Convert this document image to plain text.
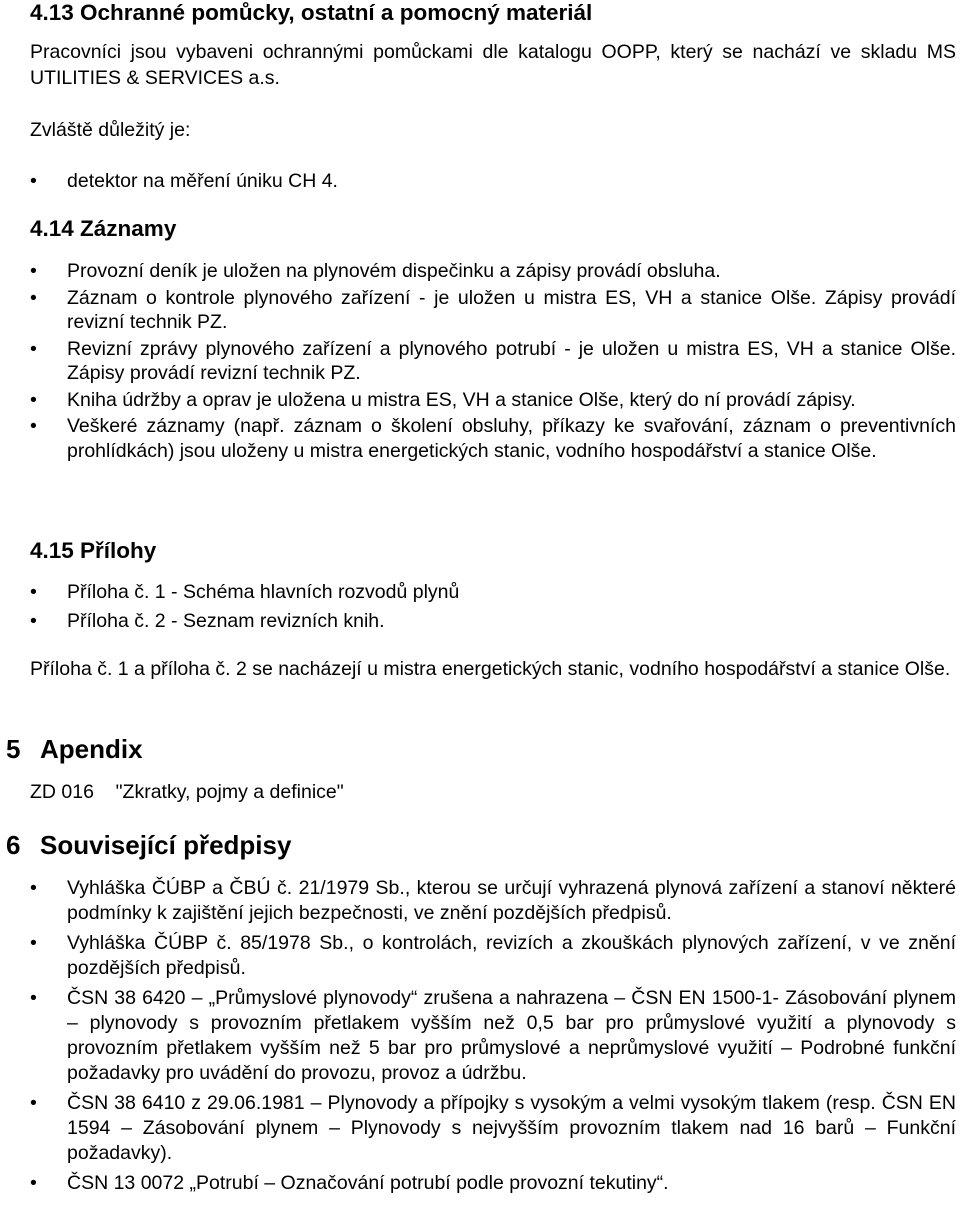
4.13 Ochranné pomůcky, ostatní a pomocný materiál

Pracovníci jsou vybaveni ochrannými pomůckami dle katalogu OOPP, který se nachází ve skladu MS UTILITIES & SERVICES a.s.

Zvláště důležitý je:

•	detektor na měření úniku CH 4.
4.14 Záznamy
•	Provozní deník je uložen na plynovém dispečinku a zápisy provádí obsluha.
•	Záznam o kontrole plynového zařízení - je uložen u mistra ES, VH a stanice Olše. Zápisy provádí revizní technik PZ.
•	Revizní zprávy plynového zařízení a plynového potrubí - je uložen u mistra ES, VH a stanice Olše. Zápisy provádí revizní technik PZ.
•	Kniha údržby a oprav je uložena u mistra ES, VH a stanice Olše, který do ní provádí zápisy.
•	Veškeré záznamy (např. záznam o školení obsluhy, příkazy ke svařování, záznam o preventivních prohlídkách) jsou uloženy u mistra energetických stanic, vodního hospodářství a stanice Olše.
4.15 Přílohy
•	Příloha č. 1 - Schéma hlavních rozvodů plynů
•	Příloha č. 2 - Seznam revizních knih.

Příloha č. 1 a příloha č. 2 se nacházejí u mistra energetických stanic, vodního hospodářství a stanice Olše.

5 Apendix

ZD 016    "Zkratky, pojmy a definice"

6 Související předpisy
•	Vyhláška ČÚBP a ČBÚ č. 21/1979 Sb., kterou se určují vyhrazená plynová zařízení a stanoví některé podmínky k zajištění jejich bezpečnosti, ve znění pozdějších předpisů.
•	Vyhláška ČÚBP č. 85/1978 Sb., o kontrolách, revizích a zkouškách plynových zařízení, v ve znění pozdějších předpisů.
•	ČSN 38 6420 – „Průmyslové plynovody“ zrušena a nahrazena – ČSN EN 1500-1- Zásobování plynem – plynovody s provozním přetlakem vyšším než 0,5 bar pro průmyslové využití a plynovody s provozním přetlakem vyšším než 5 bar pro průmyslové a neprůmyslové využití – Podrobné funkční požadavky pro uvádění do provozu, provoz a údržbu.
•	ČSN 38 6410 z 29.06.1981 – Plynovody a přípojky s vysokým a velmi vysokým tlakem (resp. ČSN EN 1594 – Zásobování plynem – Plynovody s nejvyšším provozním tlakem nad 16 barů – Funkční požadavky).
•	ČSN 13 0072 „Potrubí – Označování potrubí podle provozní tekutiny“.
